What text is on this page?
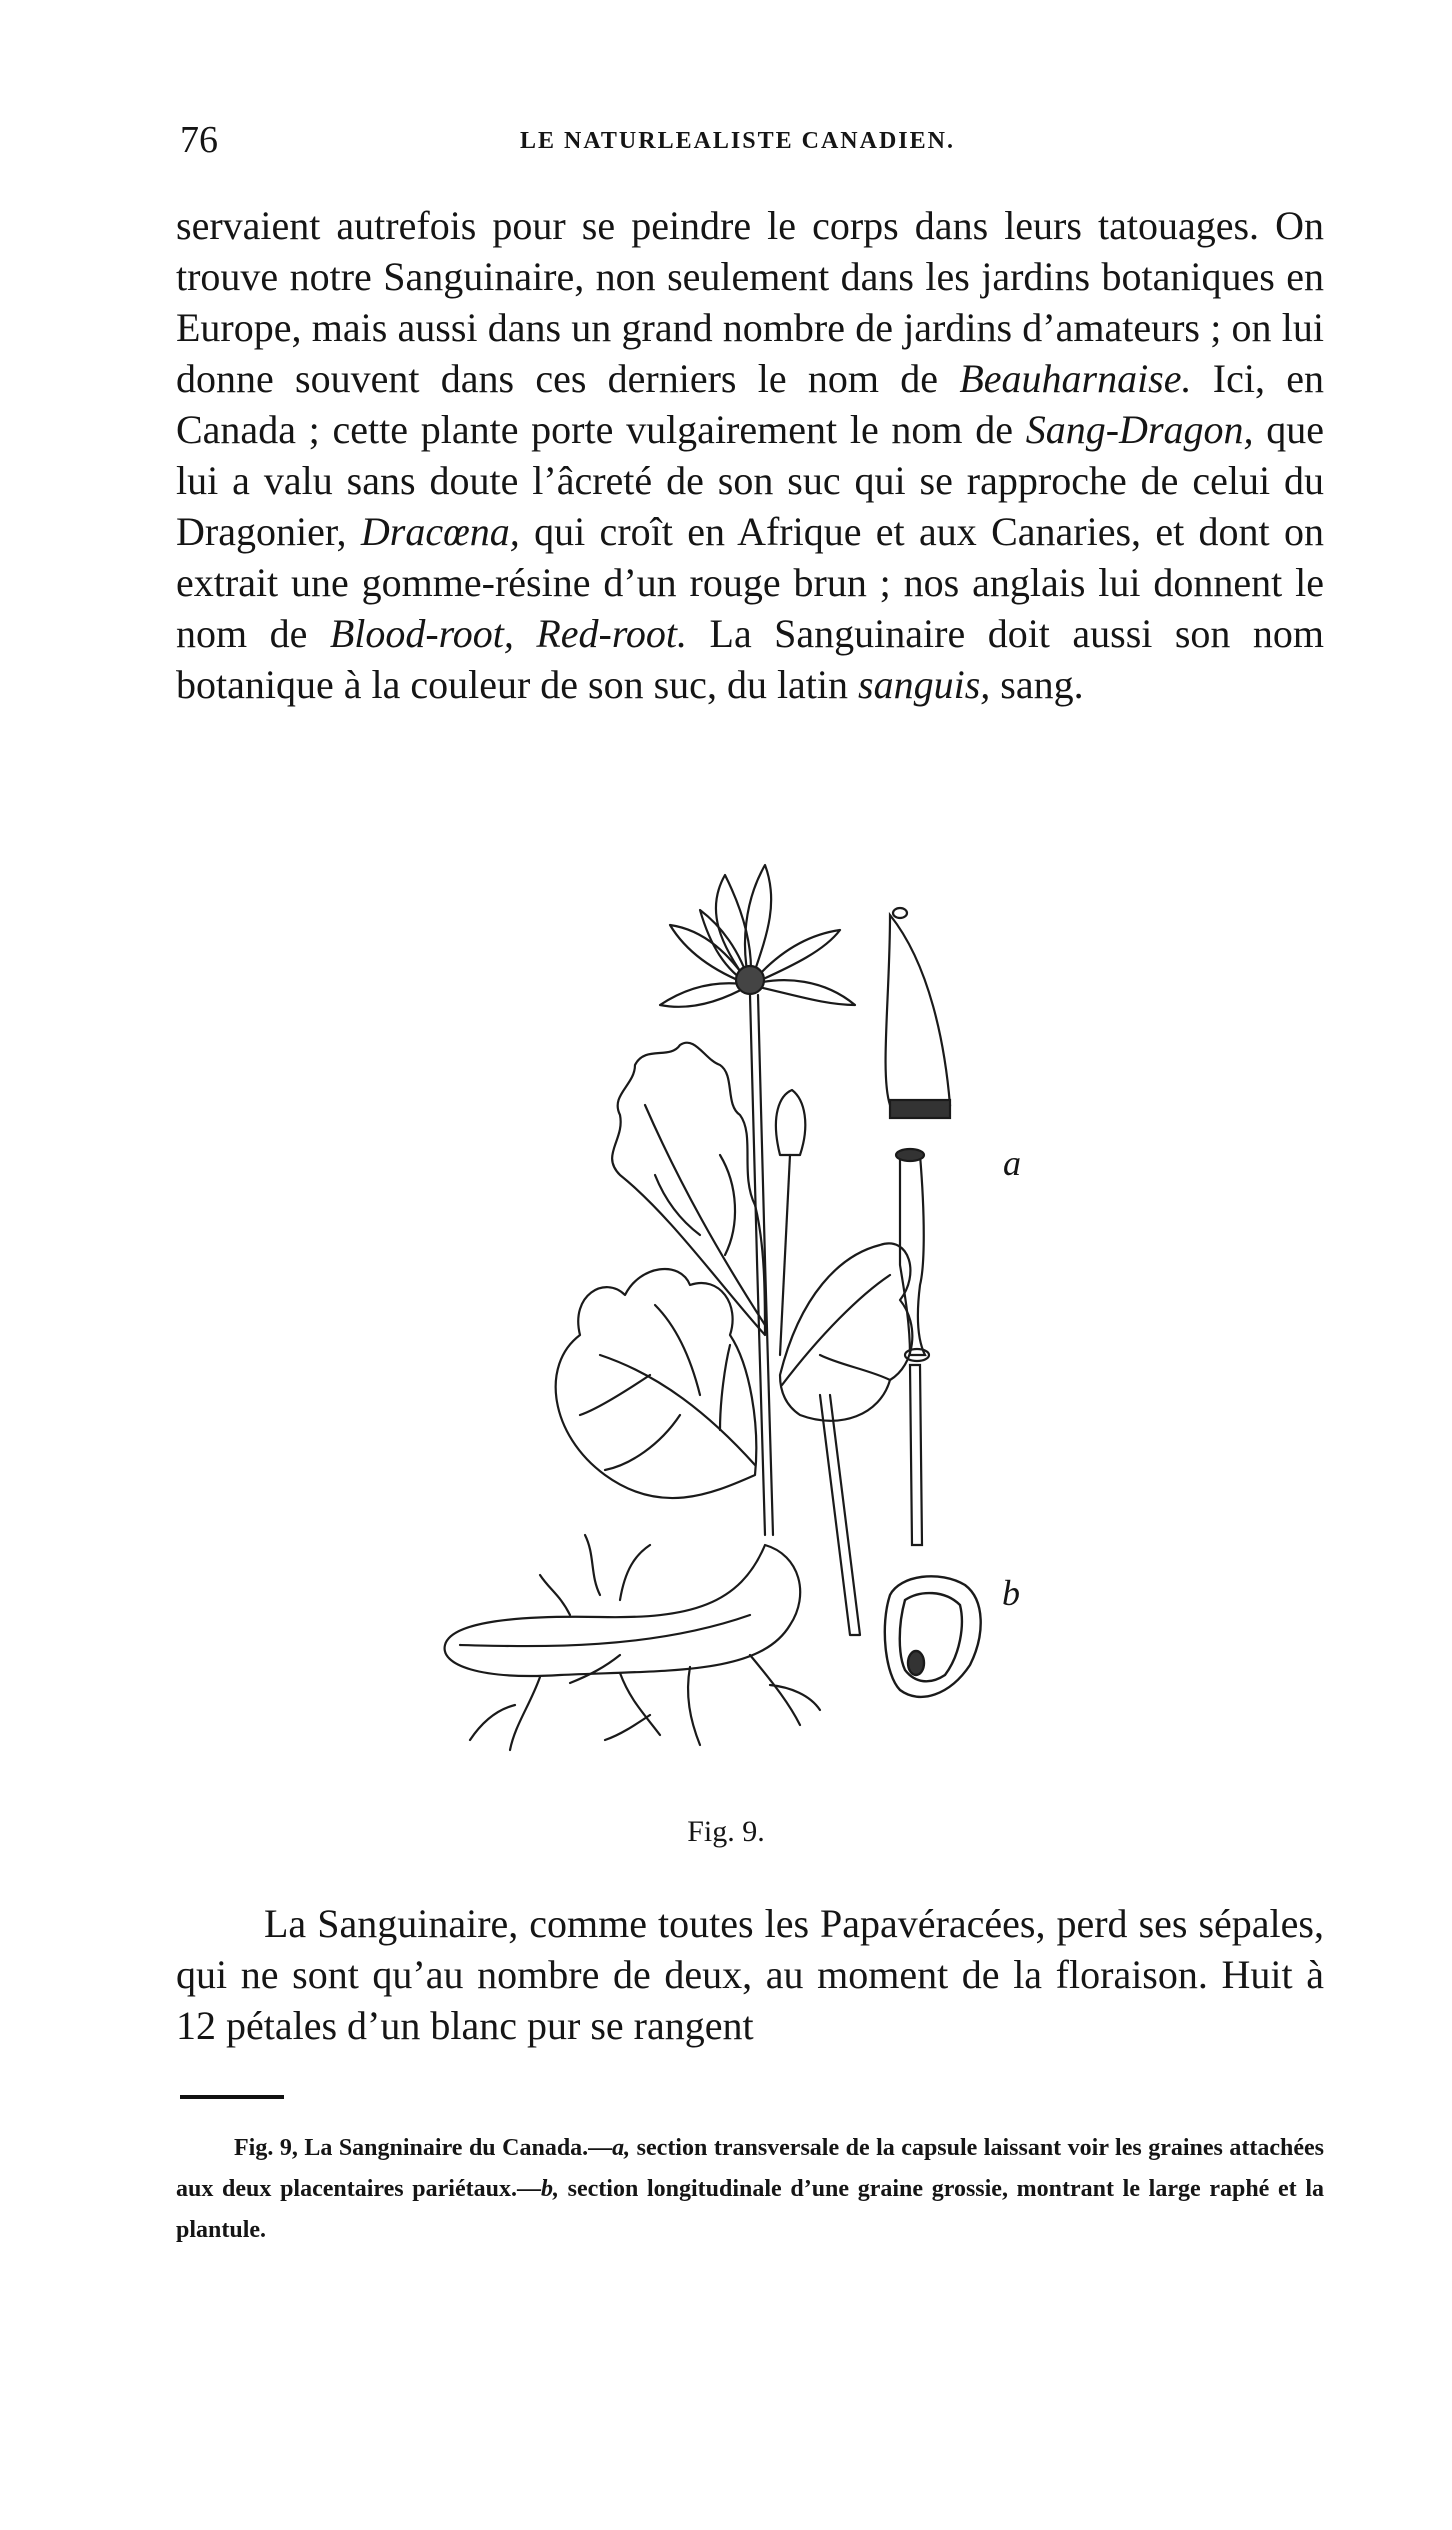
76	LE NATURLEALISTE CANADIEN.

servaient autrefois pour se peindre le corps dans leurs tatouages. On trouve notre Sanguinaire, non seulement dans les jardins botaniques en Europe, mais aussi dans un grand nombre de jardins d’amateurs ; on lui donne souvent dans ces derniers le nom de Beauharnaise. Ici, en Canada ; cette plante porte vulgairement le nom de Sang-Dragon, que lui a valu sans doute l’âcreté de son suc qui se rapproche de celui du Dragonier, Dracœna, qui croît en Afrique et aux Canaries, et dont on extrait une gomme-résine d’un rouge brun ; nos anglais lui donnent le nom de Blood-root, Red-root. La Sanguinaire doit aussi son nom botanique à la couleur de son suc, du latin sanguis, sang.

a
b
Fig. 9.

La Sanguinaire, comme toutes les Papavéracées, perd ses sépales, qui ne sont qu’au nombre de deux, au moment de la floraison. Huit à 12 pétales d’un blanc pur se rangent

Fig. 9, La Sangninaire du Canada.—a, section transversale de la capsule laissant voir les graines attachées aux deux placentaires pariétaux.—b, section longitudinale d’une graine grossie, montrant le large raphé et la plantule.
